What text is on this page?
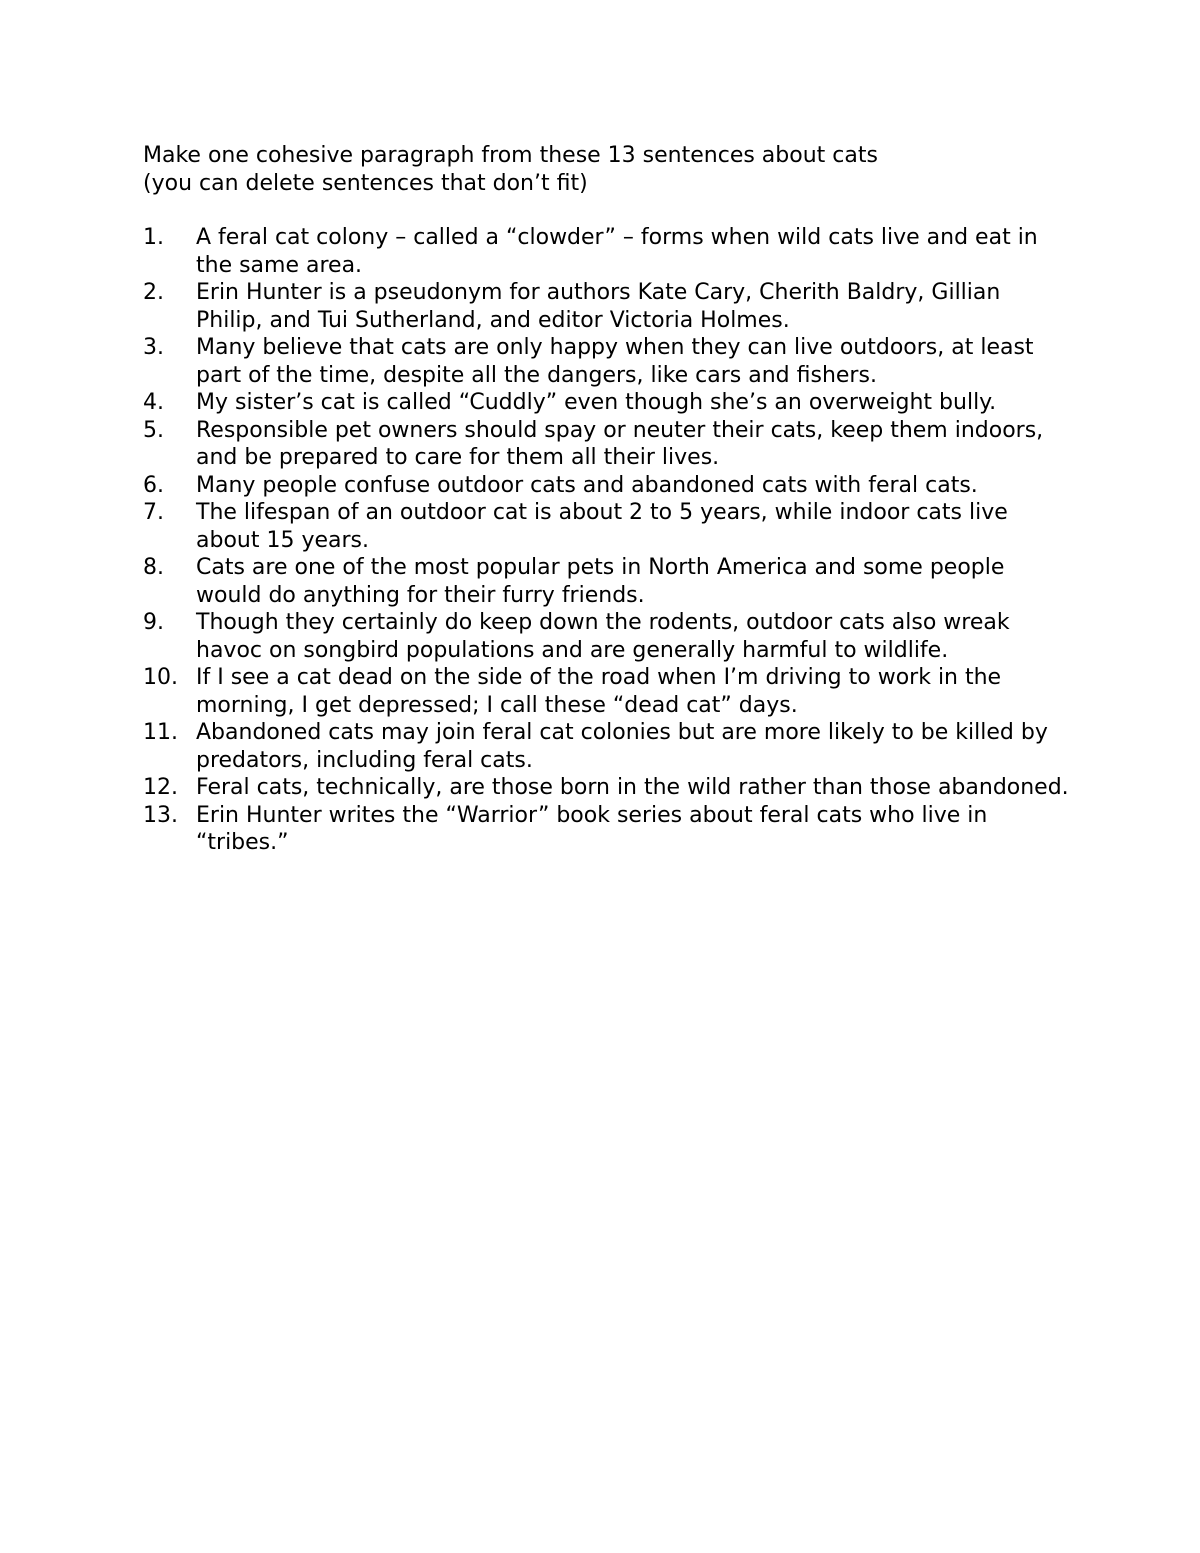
Make one cohesive paragraph from these 13 sentences about cats
(you can delete sentences that don’t fit)

1.	A feral cat colony – called a “clowder” – forms when wild cats live and eat in the same area.
2.	Erin Hunter is a pseudonym for authors Kate Cary, Cherith Baldry, Gillian Philip, and Tui Sutherland, and editor Victoria Holmes.
3.	Many believe that cats are only happy when they can live outdoors, at least part of the time, despite all the dangers, like cars and fishers.
4.	My sister’s cat is called “Cuddly” even though she’s an overweight bully.
5.	Responsible pet owners should spay or neuter their cats, keep them indoors, and be prepared to care for them all their lives.
6.	Many people confuse outdoor cats and abandoned cats with feral cats.
7.	The lifespan of an outdoor cat is about 2 to 5 years, while indoor cats live about 15 years.
8.	Cats are one of the most popular pets in North America and some people would do anything for their furry friends.
9.	Though they certainly do keep down the rodents, outdoor cats also wreak havoc on songbird populations and are generally harmful to wildlife.
10. If I see a cat dead on the side of the road when I’m driving to work in the morning, I get depressed; I call these “dead cat” days.
11. Abandoned cats may join feral cat colonies but are more likely to be killed by predators, including feral cats.
12. Feral cats, technically, are those born in the wild rather than those abandoned.
13. Erin Hunter writes the “Warrior” book series about feral cats who live in “tribes.”
